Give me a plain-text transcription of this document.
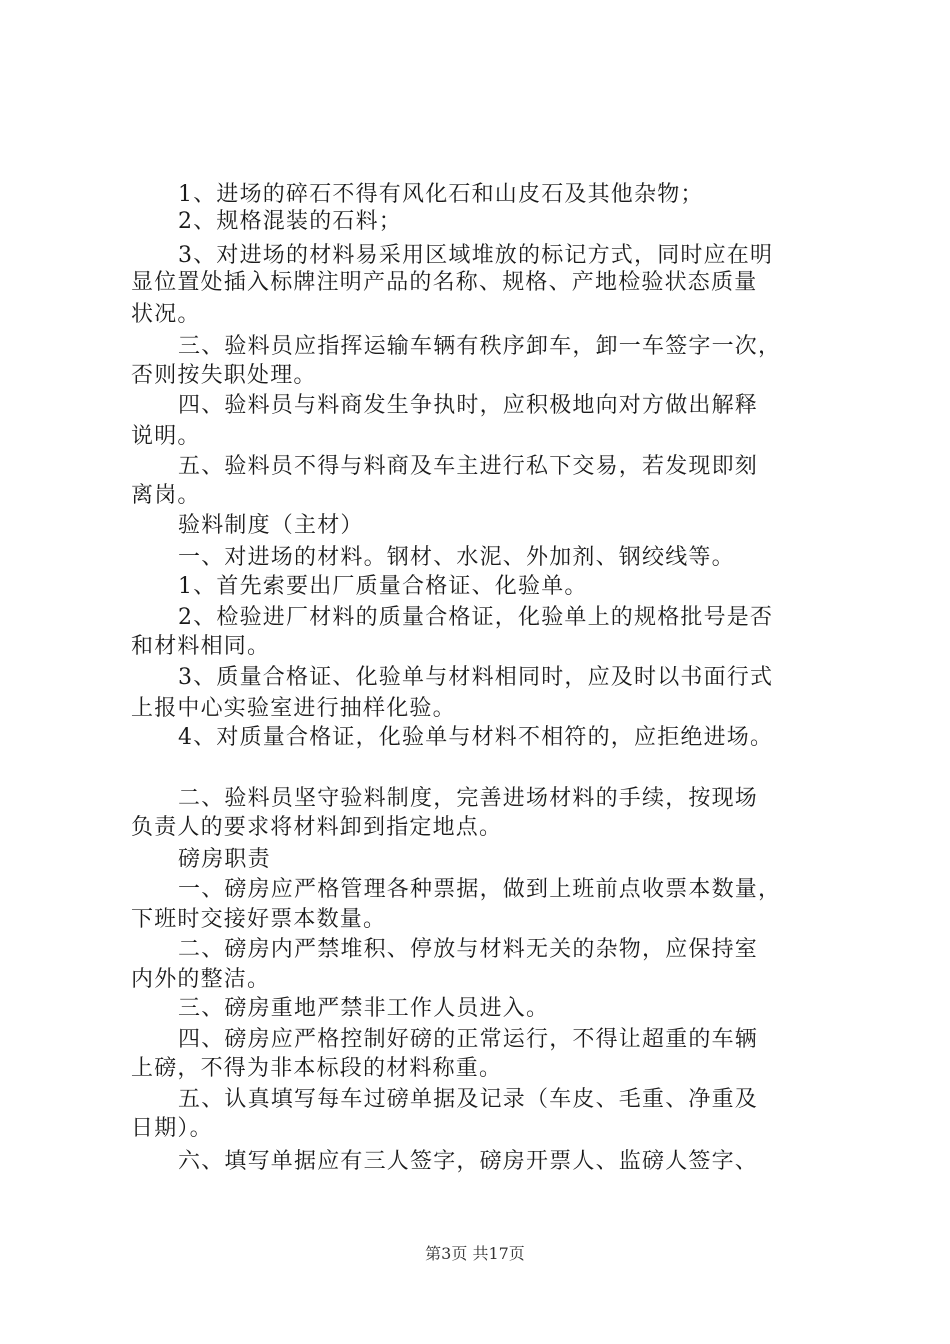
1、进场的碎石不得有风化石和山皮石及其他杂物；
2、规格混装的石料；
3、对进场的材料易采用区域堆放的标记方式，同时应在明
显位置处插入标牌注明产品的名称、规格、产地检验状态质量
状况。
三、验料员应指挥运输车辆有秩序卸车，卸一车签字一次，
否则按失职处理。
四、验料员与料商发生争执时，应积极地向对方做出解释
说明。
五、验料员不得与料商及车主进行私下交易，若发现即刻
离岗。
验料制度（主材）
一、对进场的材料。钢材、水泥、外加剂、钢绞线等。
1、首先索要出厂质量合格证、化验单。
2、检验进厂材料的质量合格证，化验单上的规格批号是否
和材料相同。
3、质量合格证、化验单与材料相同时，应及时以书面行式
上报中心实验室进行抽样化验。
4、对质量合格证，化验单与材料不相符的，应拒绝进场。
二、验料员坚守验料制度，完善进场材料的手续，按现场
负责人的要求将材料卸到指定地点。
磅房职责
一、磅房应严格管理各种票据，做到上班前点收票本数量，
下班时交接好票本数量。
二、磅房内严禁堆积、停放与材料无关的杂物，应保持室
内外的整洁。
三、磅房重地严禁非工作人员进入。
四、磅房应严格控制好磅的正常运行，不得让超重的车辆
上磅，不得为非本标段的材料称重。
五、认真填写每车过磅单据及记录（车皮、毛重、净重及
日期）。
六、填写单据应有三人签字，磅房开票人、监磅人签字、
第3页 共17页
